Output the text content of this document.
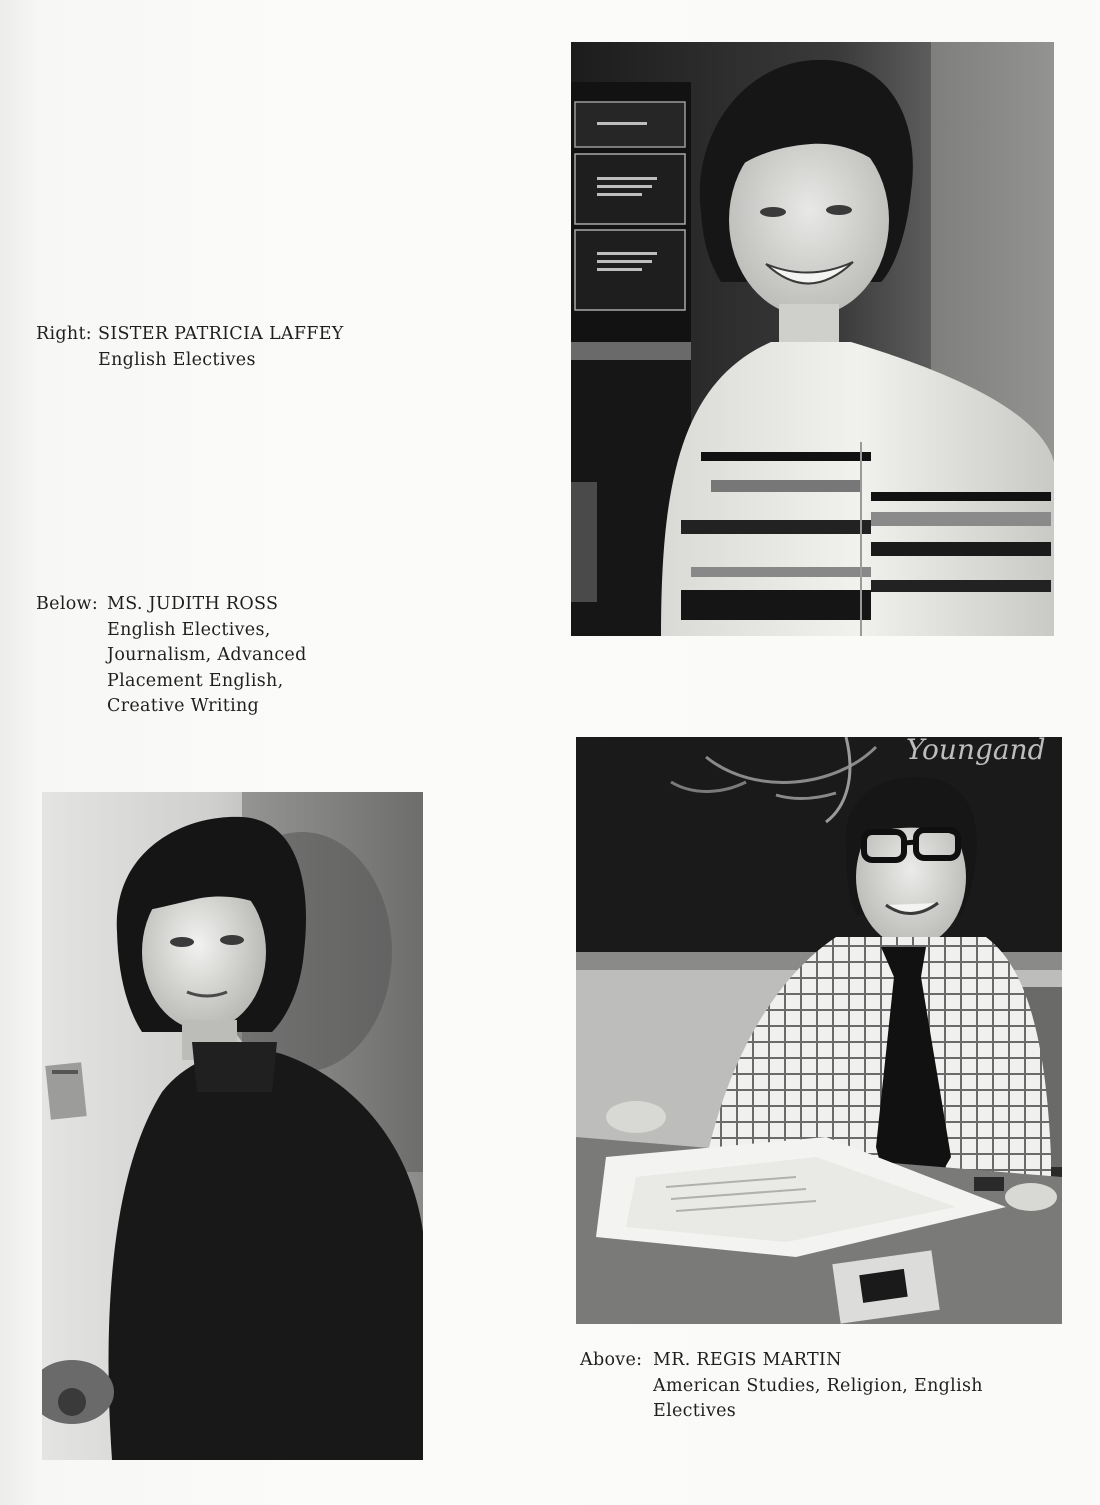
Right: SISTER PATRICIA LAFFEY
English Electives
Below: MS. JUDITH ROSS
English Electives,
Journalism, Advanced
Placement English,
Creative Writing
Above: MR. REGIS MARTIN
American Studies, Religion, English
Electives
Youngand
